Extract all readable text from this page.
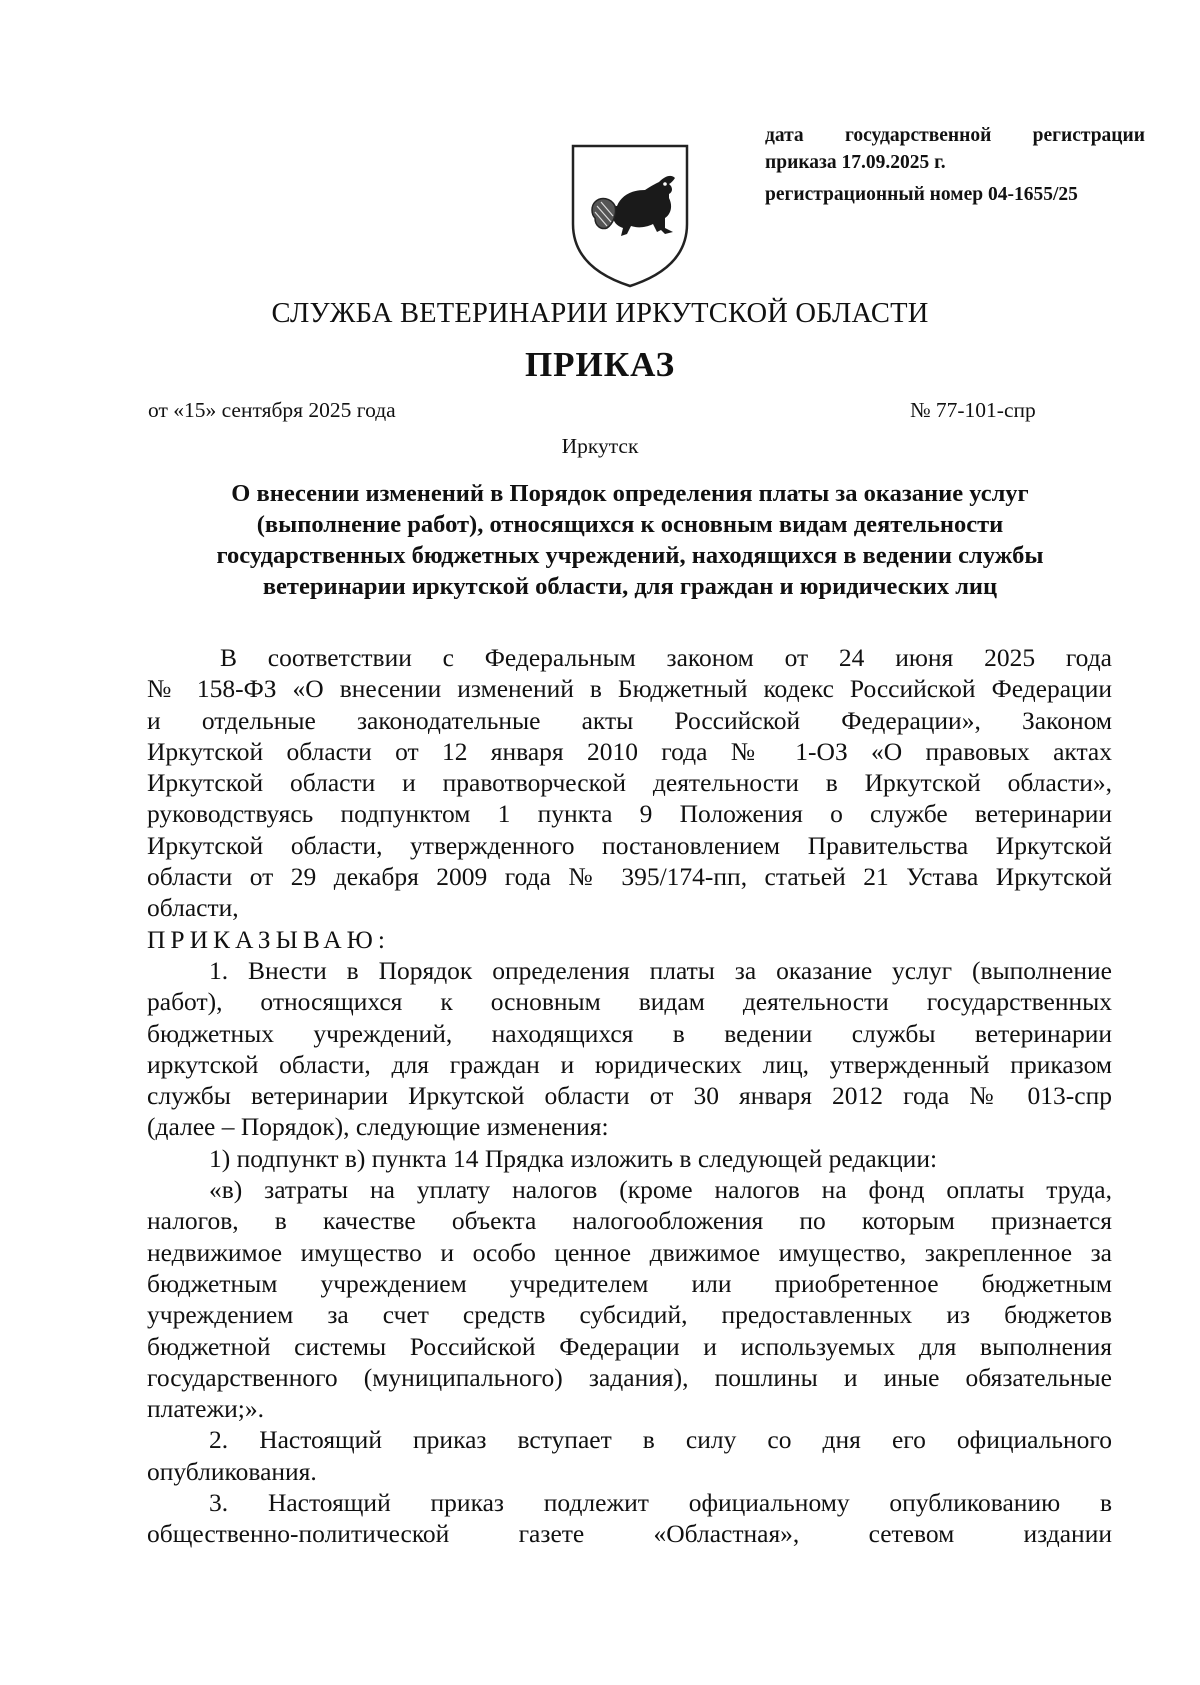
дата государственной регистрации
приказа 17.09.2025 г.
регистрационный номер 04-1655/25
СЛУЖБА ВЕТЕРИНАРИИ ИРКУТСКОЙ ОБЛАСТИ
ПРИКАЗ
от «15» сентября 2025 года	№ 77-101-спр
Иркутск
О внесении изменений в Порядок определения платы за оказание услуг
(выполнение работ), относящихся к основным видам деятельности
государственных бюджетных учреждений, находящихся в ведении службы
ветеринарии иркутской области, для граждан и юридических лиц
В соответствии с Федеральным законом от 24 июня 2025 года
№ 158-ФЗ «О внесении изменений в Бюджетный кодекс Российской Федерации
и отдельные законодательные акты Российской Федерации», Законом
Иркутской области от 12 января 2010 года № 1-ОЗ «О правовых актах
Иркутской области и правотворческой деятельности в Иркутской области»,
руководствуясь подпунктом 1 пункта 9 Положения о службе ветеринарии
Иркутской области, утвержденного постановлением Правительства Иркутской
области от 29 декабря 2009 года № 395/174-пп, статьей 21 Устава Иркутской
области,
ПРИКАЗЫВАЮ:
1. Внести в Порядок определения платы за оказание услуг (выполнение
работ), относящихся к основным видам деятельности государственных
бюджетных учреждений, находящихся в ведении службы ветеринарии
иркутской области, для граждан и юридических лиц, утвержденный приказом
службы ветеринарии Иркутской области от 30 января 2012 года № 013-спр
(далее – Порядок), следующие изменения:
1) подпункт в) пункта 14 Прядка изложить в следующей редакции:
«в) затраты на уплату налогов (кроме налогов на фонд оплаты труда,
налогов, в качестве объекта налогообложения по которым признается
недвижимое имущество и особо ценное движимое имущество, закрепленное за
бюджетным учреждением учредителем или приобретенное бюджетным
учреждением за счет средств субсидий, предоставленных из бюджетов
бюджетной системы Российской Федерации и используемых для выполнения
государственного (муниципального) задания), пошлины и иные обязательные
платежи;».
2. Настоящий приказ вступает в силу со дня его официального
опубликования.
3. Настоящий приказ подлежит официальному опубликованию в
общественно-политической газете «Областная», сетевом издании
